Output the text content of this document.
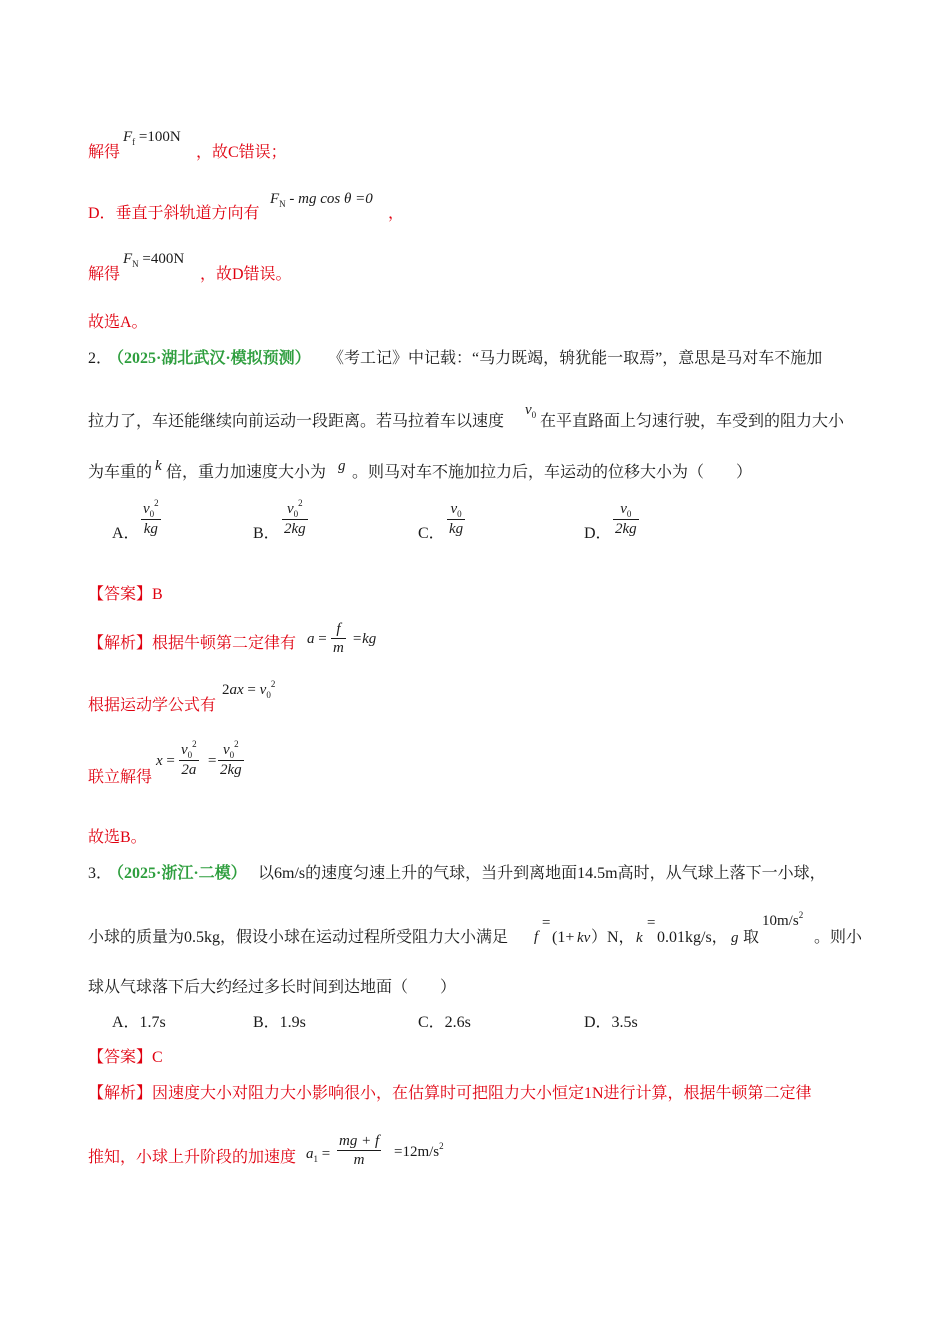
解得
$F_f =100N$
，故C错误；
D．垂直于斜轨道方向有
$F_N$ - mg cos θ =0
，
解得
$F_N =400N$
，故D错误。
故选A。
2．
（2025·湖北武汉·模拟预测） 《考工记》中记载：“马力既竭，辀犹能一取焉”，意思是马对车不施加
拉力了，车还能继续向前运动一段距离。若马拉着车以速度
$v_0$ 在平直路面上匀速行驶，车受到的阻力大小
为车重的 k 倍，重力加速度大小为 g 。则马对车不施加拉力后，车运动的位移大小为（　　）
A．
$v_0^2$
kg	B．
$v_0^2$
2kg	C．
$v_0$
kg	D．
$v_0$
2kg
【答案】B
【解析】 根据牛顿第二定律有 a =
f
m
=kg
根据运动学公式有
$2ax = v_0^2$
联立解得
x =
$v_0^2$
2a
=
$v_0^2$
2kg
故选B。
3．
（2025·浙江·二模） 以6m/s的速度匀速上升的气球，当升到离地面14.5m高时，从气球上落下一小球，
小球的质量为0.5kg，假设小球在运动过程所受阻力大小满足 f
=
(1+ kv ）N， k
=
0.01kg/s， g 取
$10m/s^2$
。则小
球从气球落下后大约经过多长时间到达地面（　　）
A．1.7s	B．1.9s	C．2.6s	D．3.5s
【答案】C
【解析】 因速度大小对阻力大小影响很小，在估算时可把阻力大小恒定1N进行计算，根据牛顿第二定律
推知，小球上升阶段的加速度 $a_1$ =
mg + f
$m =12m/s^2$
